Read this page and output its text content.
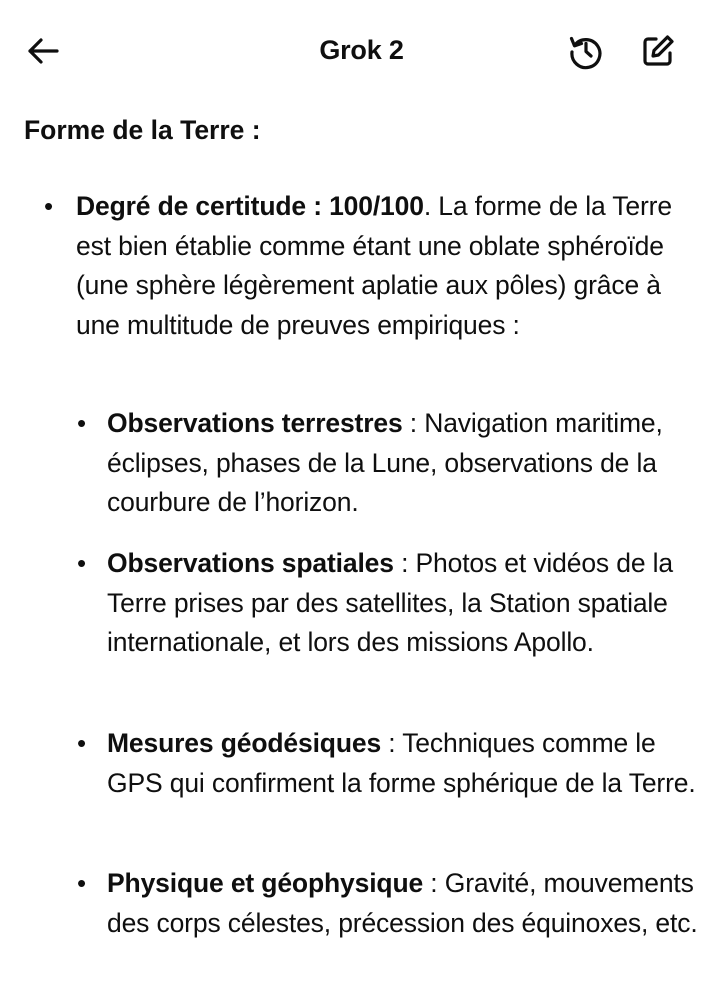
Grok 2
Forme de la Terre :
• Degré de certitude : 100/100. La forme de la Terre est bien établie comme étant une oblate sphéroïde (une sphère légèrement aplatie aux pôles) grâce à une multitude de preuves empiriques :
• Observations terrestres : Navigation maritime, éclipses, phases de la Lune, observations de la courbure de l’horizon.
• Observations spatiales : Photos et vidéos de la Terre prises par des satellites, la Station spatiale internationale, et lors des missions Apollo.
• Mesures géodésiques : Techniques comme le GPS qui confirment la forme sphérique de la Terre.
• Physique et géophysique : Gravité, mouvements des corps célestes, précession des équinoxes, etc.
